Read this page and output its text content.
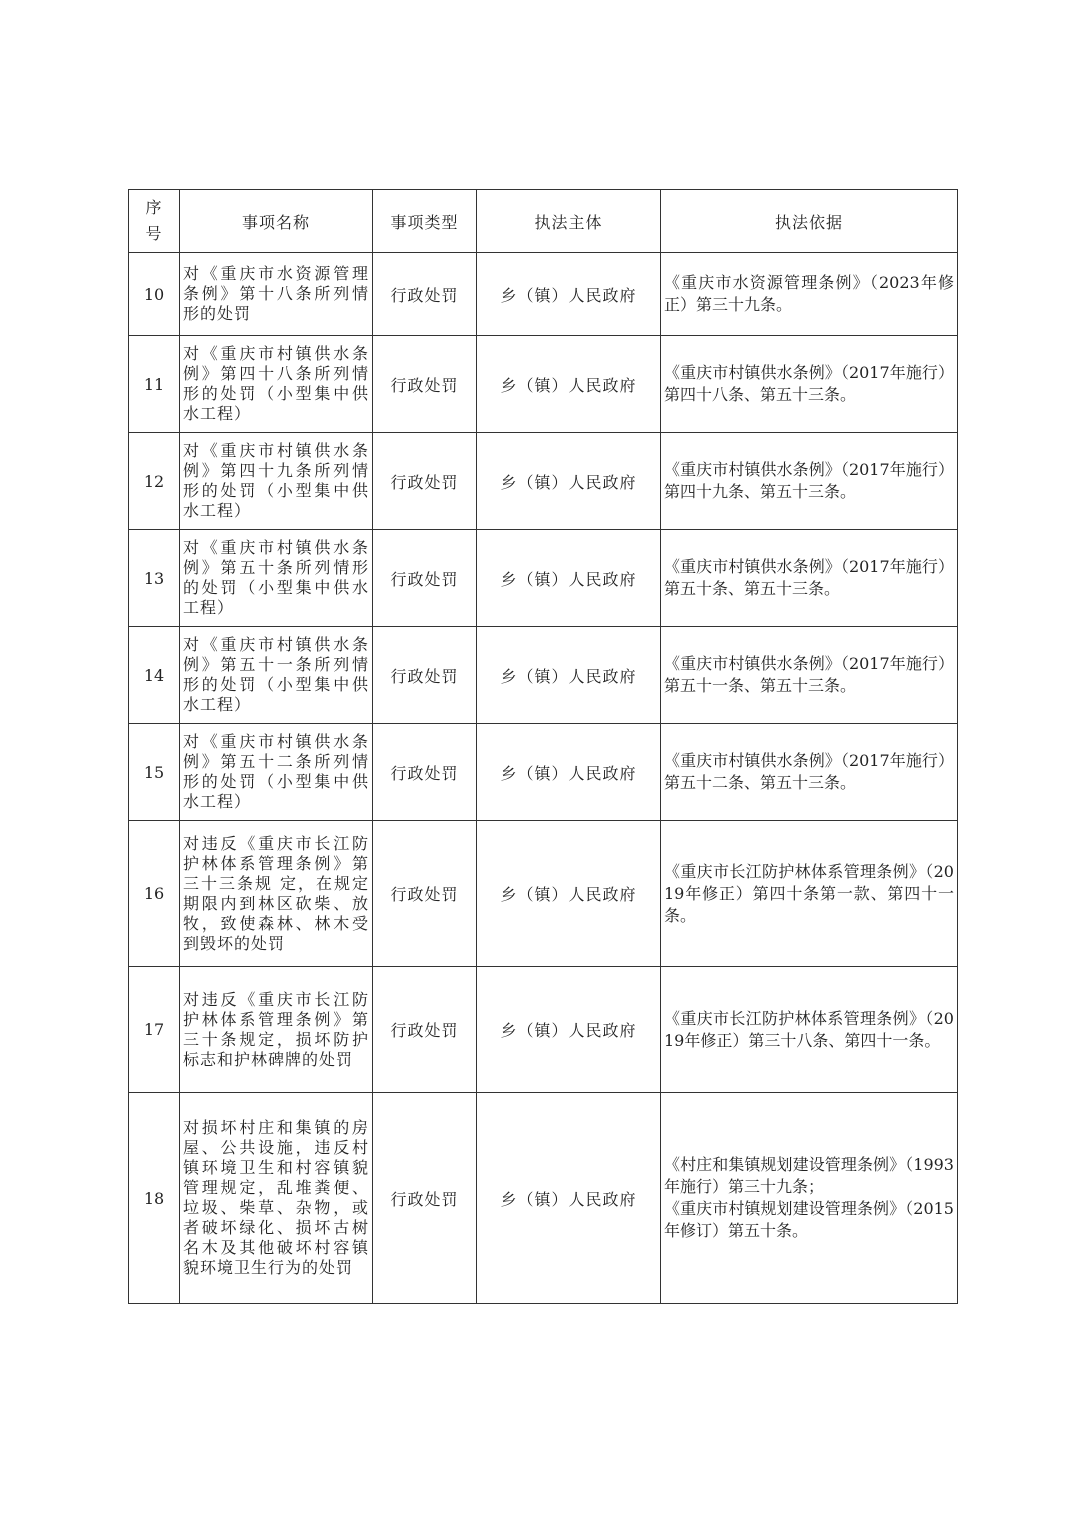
序
号	事项名称	事项类型	执法主体	执法依据
10	对《重庆市水资源管理条例》第十八条所列情形的处罚	行政处罚	乡（镇）人民政府	《重庆市水资源管理条例》（2023年修正）第三十九条。
11	对《重庆市村镇供水条例》第四十八条所列情形的处罚（小型集中供水工程）	行政处罚	乡（镇）人民政府	《重庆市村镇供水条例》（2017年施行）第四十八条、第五十三条。
12	对《重庆市村镇供水条例》第四十九条所列情形的处罚（小型集中供水工程）	行政处罚	乡（镇）人民政府	《重庆市村镇供水条例》（2017年施行）第四十九条、第五十三条。
13	对《重庆市村镇供水条例》第五十条所列情形的处罚（小型集中供水工程）	行政处罚	乡（镇）人民政府	《重庆市村镇供水条例》（2017年施行）第五十条、第五十三条。
14	对《重庆市村镇供水条例》第五十一条所列情形的处罚（小型集中供水工程）	行政处罚	乡（镇）人民政府	《重庆市村镇供水条例》（2017年施行）第五十一条、第五十三条。
15	对《重庆市村镇供水条例》第五十二条所列情形的处罚（小型集中供水工程）	行政处罚	乡（镇）人民政府	《重庆市村镇供水条例》（2017年施行）第五十二条、第五十三条。
16	对违反《重庆市长江防护林体系管理条例》第三十三条规 定，在规定期限内到林区砍柴、放牧，致使森林、林木受到毁坏的处罚	行政处罚	乡（镇）人民政府	《重庆市长江防护林体系管理条例》（2019年修正）第四十条第一款、第四十一条。
17	对违反《重庆市长江防护林体系管理条例》第三十条规定，损坏防护标志和护林碑牌的处罚	行政处罚	乡（镇）人民政府	《重庆市长江防护林体系管理条例》（2019年修正）第三十八条、第四十一条。
18	对损坏村庄和集镇的房屋、公共设施，违反村镇环境卫生和村容镇貌管理规定，乱堆粪便、垃圾、柴草、杂物，或者破坏绿化、损坏古树名木及其他破坏村容镇貌环境卫生行为的处罚	行政处罚	乡（镇）人民政府	《村庄和集镇规划建设管理条例》（1993年施行）第三十九条；
《重庆市村镇规划建设管理条例》（2015年修订）第五十条。
